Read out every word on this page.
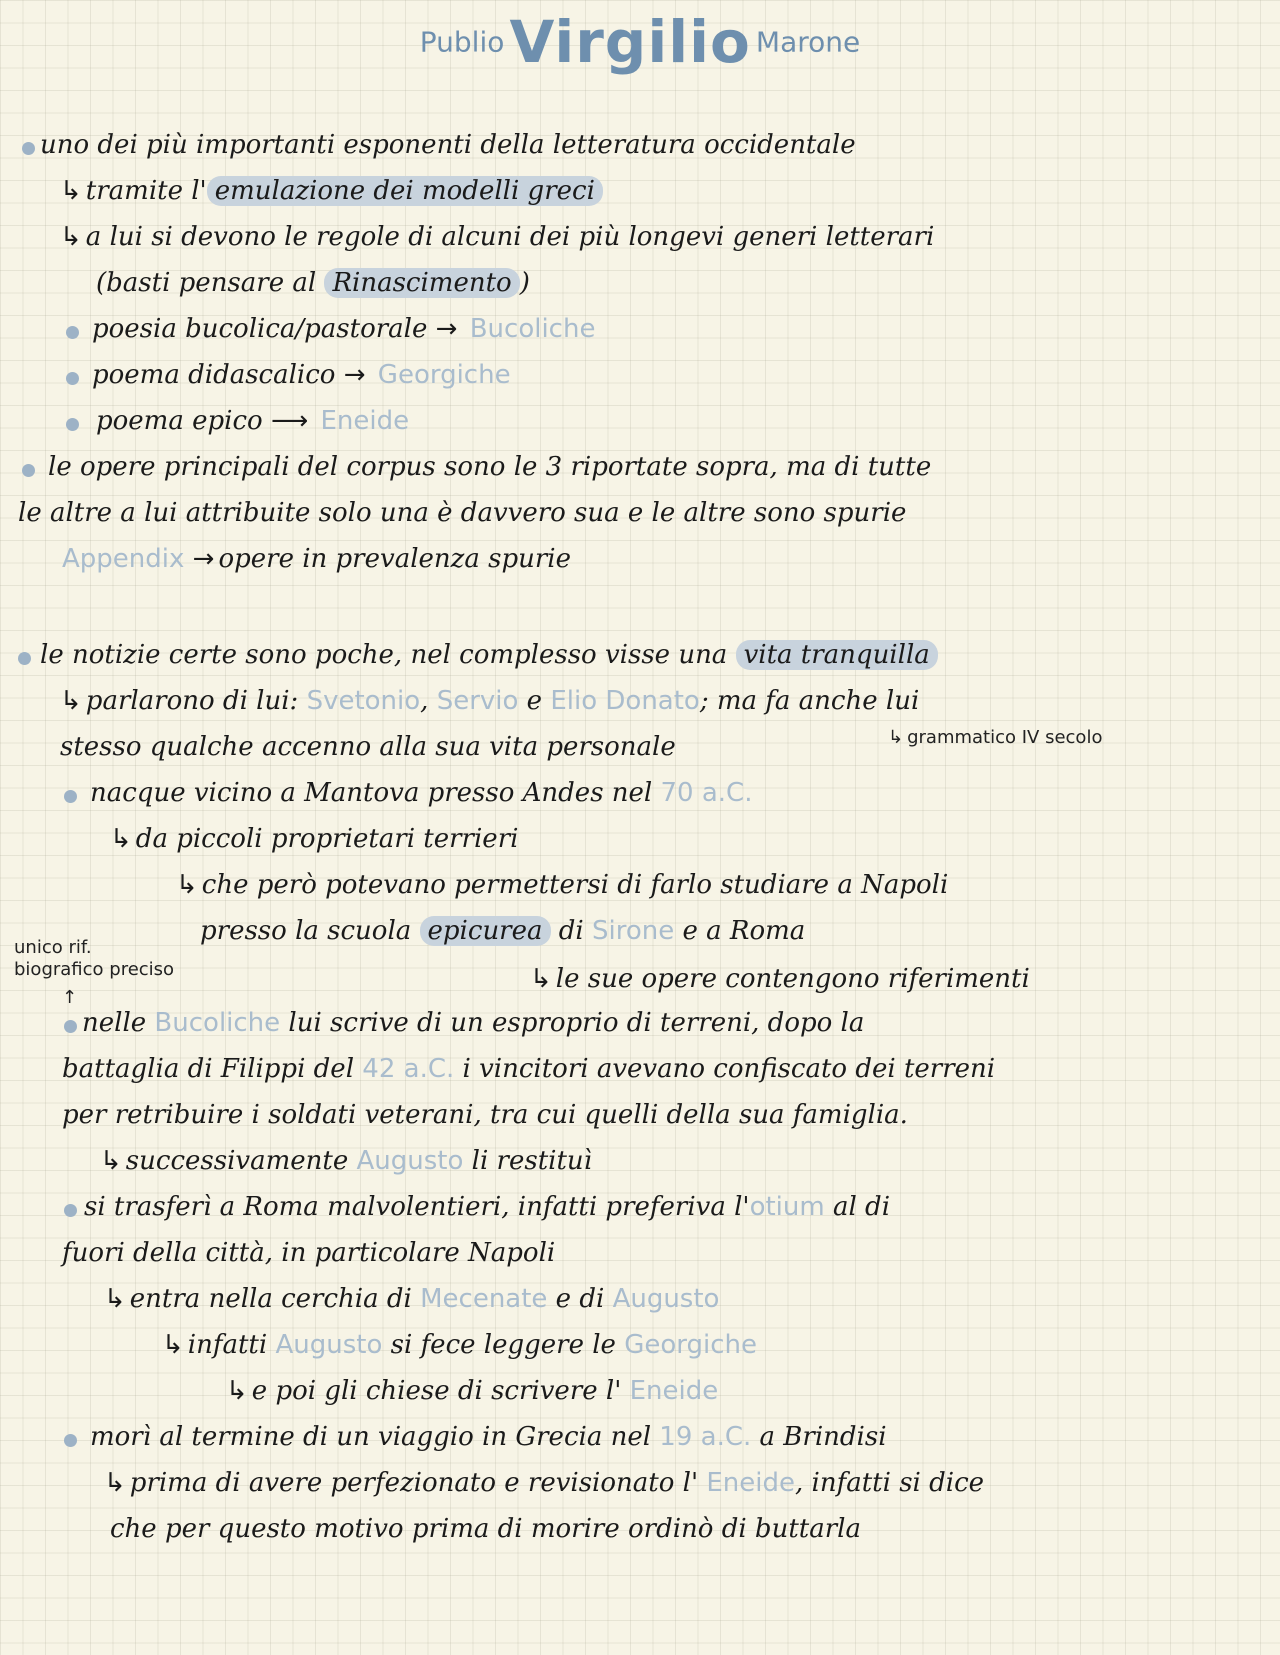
Publio Virgilio Marone
uno dei più importanti esponenti della letteratura occidentale
↳ tramite l' emulazione dei modelli greci
↳ a lui si devono le regole di alcuni dei più longevi generi letterari
(basti pensare al Rinascimento )
poesia bucolica/pastorale → Bucoliche
poema didascalico → Georgiche
poema epico ⟶ Eneide
le opere principali del corpus sono le 3 riportate sopra, ma di tutte
le altre a lui attribuite solo una è davvero sua e le altre sono spurie
Appendix → opere in prevalenza spurie
le notizie certe sono poche, nel complesso visse una vita tranquilla
↳ parlarono di lui: Svetonio, Servio e Elio Donato; ma fa anche lui
stesso qualche accenno alla sua vita personale	↳ grammatico IV secolo
nacque vicino a Mantova presso Andes nel 70 a.C.
↳ da piccoli proprietari terrieri
↳ che però potevano permettersi di farlo studiare a Napoli
presso la scuola epicurea di Sirone e a Roma
unico rif.
biografico preciso
↑
↳ le sue opere contengono riferimenti
nelle Bucoliche lui scrive di un esproprio di terreni, dopo la
battaglia di Filippi del 42 a.C. i vincitori avevano confiscato dei terreni
per retribuire i soldati veterani, tra cui quelli della sua famiglia.
↳ successivamente Augusto li restituì
si trasferì a Roma malvolentieri, infatti preferiva l'otium al di
fuori della città, in particolare Napoli
↳ entra nella cerchia di Mecenate e di Augusto
↳ infatti Augusto si fece leggere le Georgiche
↳ e poi gli chiese di scrivere l' Eneide
morì al termine di un viaggio in Grecia nel 19 a.C. a Brindisi
↳ prima di avere perfezionato e revisionato l' Eneide, infatti si dice
che per questo motivo prima di morire ordinò di buttarla
